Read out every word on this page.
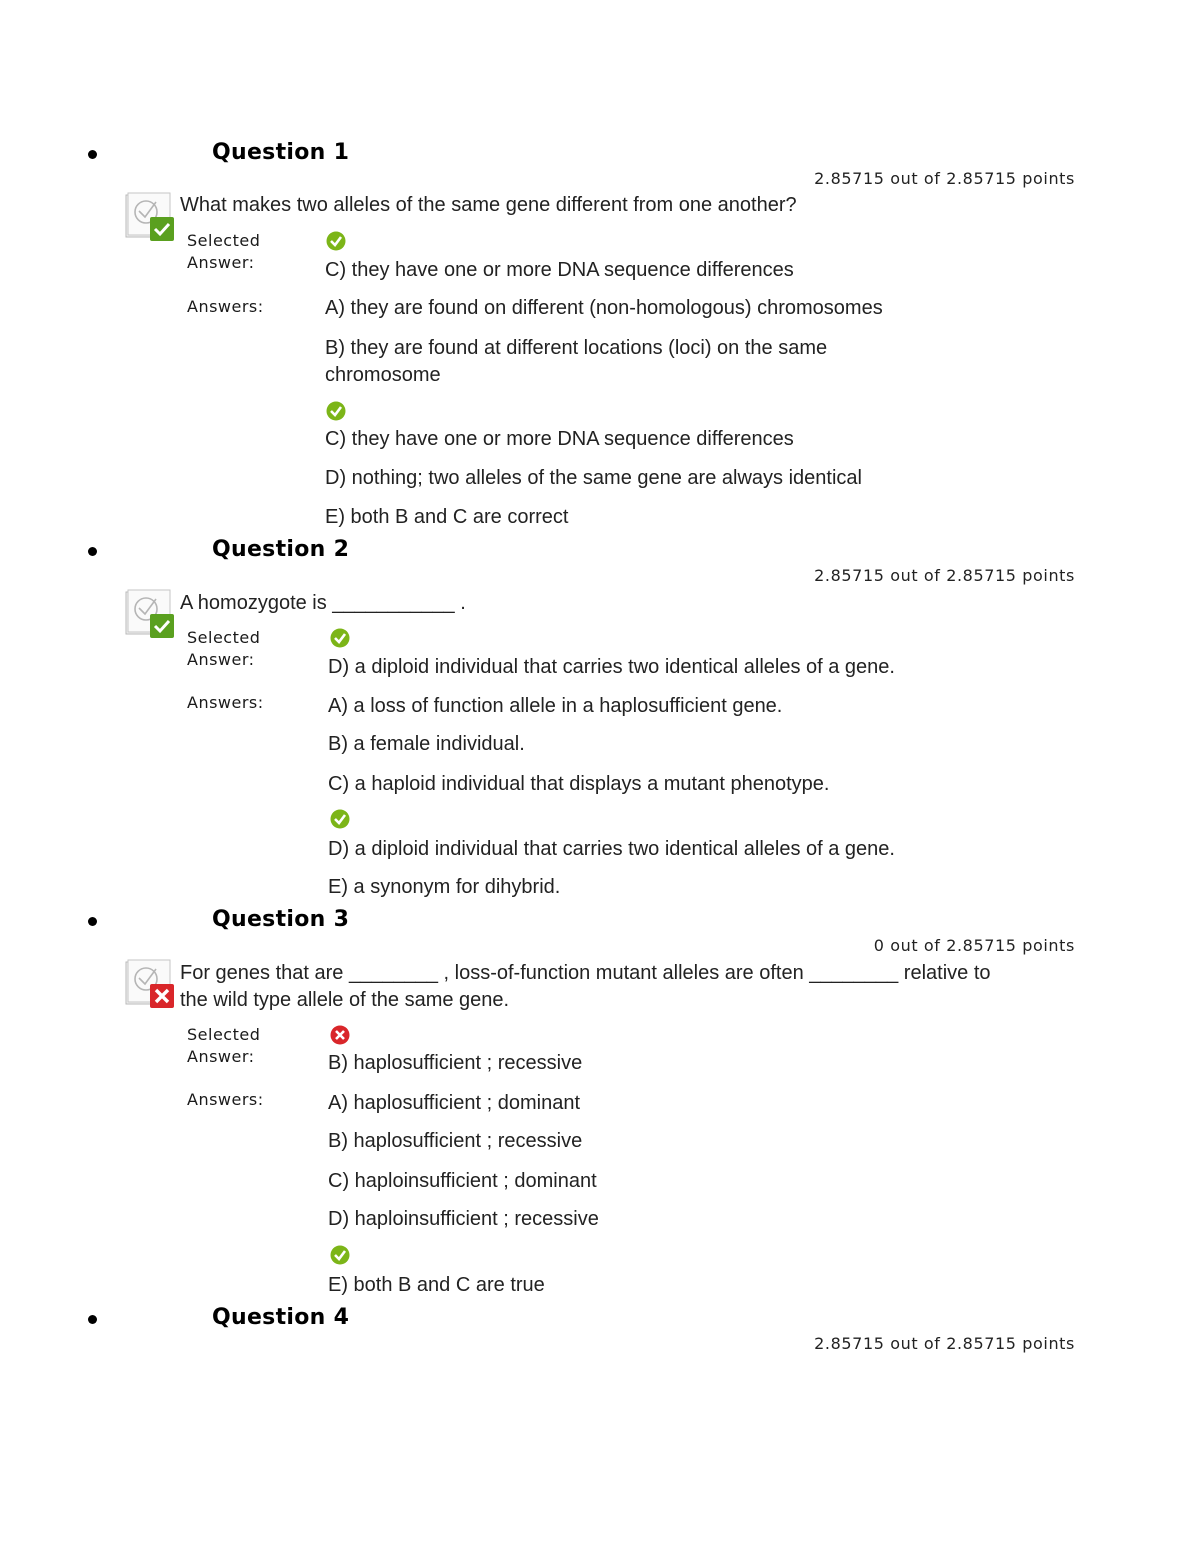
Question 1
2.85715 out of 2.85715 points
What makes two alleles of the same gene different from one another?
Selected Answer:	C) they have one or more DNA sequence differences
Answers:	A) they are found on different (non-homologous) chromosomes
B) they are found at different locations (loci) on the same chromosome
C) they have one or more DNA sequence differences
D) nothing; two alleles of the same gene are always identical
E) both B and C are correct
Question 2
2.85715 out of 2.85715 points
A homozygote is ___________ .
Selected Answer:	D) a diploid individual that carries two identical alleles of a gene.
Answers:	A) a loss of function allele in a haplosufficient gene.
B) a female individual.
C) a haploid individual that displays a mutant phenotype.
D) a diploid individual that carries two identical alleles of a gene.
E) a synonym for dihybrid.
Question 3
0 out of 2.85715 points
For genes that are ________ , loss-of-function mutant alleles are often ________ relative to the wild type allele of the same gene.
Selected Answer:	B) haplosufficient ; recessive
Answers:	A) haplosufficient ; dominant
B) haplosufficient ; recessive
C) haploinsufficient ; dominant
D) haploinsufficient ; recessive
E) both B and C are true
Question 4
2.85715 out of 2.85715 points
